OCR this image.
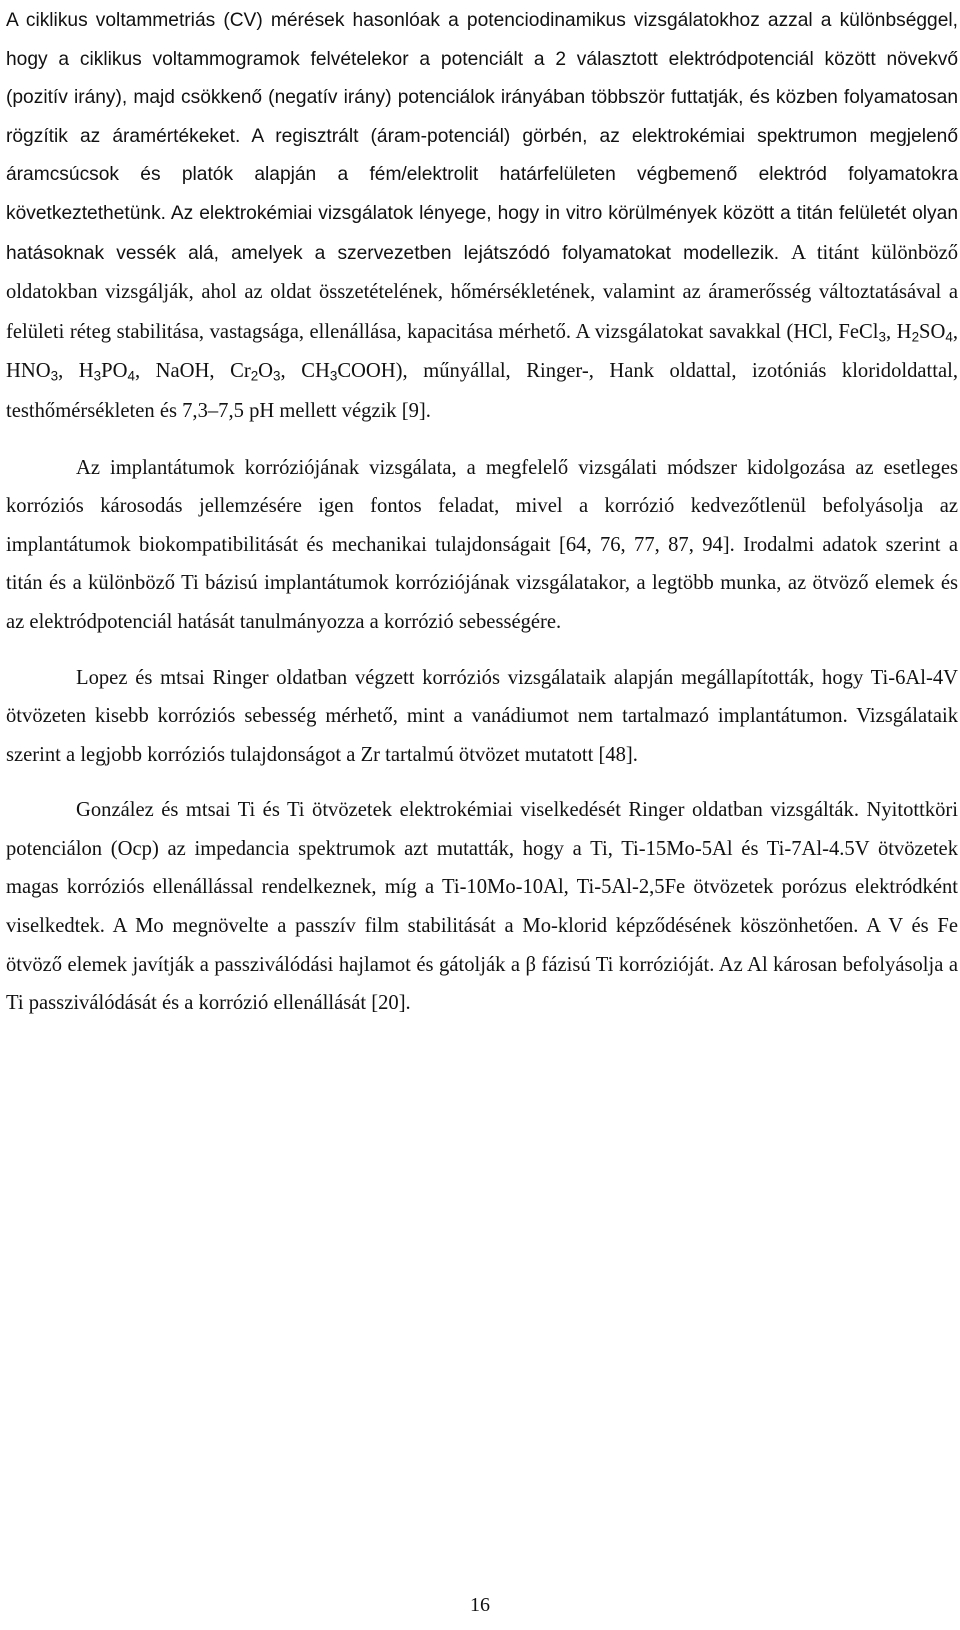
A ciklikus voltammetriás (CV) mérések hasonlóak a potenciodinamikus vizsgálatokhoz azzal a különbséggel, hogy a ciklikus voltammogramok felvételekor a potenciált a 2 választott elektródpotenciál között növekvő (pozitív irány), majd csökkenő (negatív irány) potenciálok irányában többször futtatják, és közben folyamatosan rögzítik az áramértékeket. A regisztrált (áram-potenciál) görbén, az elektrokémiai spektrumon megjelenő áramcsúcsok és platók alapján a fém/elektrolit határfelületen végbemenő elektród folyamatokra következtethetünk. Az elektrokémiai vizsgálatok lényege, hogy in vitro körülmények között a titán felületét olyan hatásoknak vessék alá, amelyek a szervezetben lejátszódó folyamatokat modellezik. A titánt különböző oldatokban vizsgálják, ahol az oldat összetételének, hőmérsékletének, valamint az áramerősség változtatásával a felületi réteg stabilitása, vastagsága, ellenállása, kapacitása mérhető. A vizsgálatokat savakkal (HCl, FeCl$_3$, $H_2SO_4$, $HNO_3$, $H_3PO_4$, NaOH, $Cr_2O_3$, $CH_3COOH$), műnyállal, Ringer-, Hank oldattal, izotóniás kloridoldattal, testhőmérsékleten és 7,3–7,5 pH mellett végzik [9].

Az implantátumok korróziójának vizsgálata, a megfelelő vizsgálati módszer kidolgozása az esetleges korróziós károsodás jellemzésére igen fontos feladat, mivel a korrózió kedvezőtlenül befolyásolja az implantátumok biokompatibilitását és mechanikai tulajdonságait [64, 76, 77, 87, 94]. Irodalmi adatok szerint a titán és a különböző Ti bázisú implantátumok korróziójának vizsgálatakor, a legtöbb munka, az ötvöző elemek és az elektródpotenciál hatását tanulmányozza a korrózió sebességére.

Lopez és mtsai Ringer oldatban végzett korróziós vizsgálataik alapján megállapították, hogy Ti-6Al-4V ötvözeten kisebb korróziós sebesség mérhető, mint a vanádiumot nem tartalmazó implantátumon. Vizsgálataik szerint a legjobb korróziós tulajdonságot a Zr tartalmú ötvözet mutatott [48].

González és mtsai Ti és Ti ötvözetek elektrokémiai viselkedését Ringer oldatban vizsgálták. Nyitottköri potenciálon (Ocp) az impedancia spektrumok azt mutatták, hogy a Ti, Ti-15Mo-5Al és Ti-7Al-4.5V ötvözetek magas korróziós ellenállással rendelkeznek, míg a Ti-10Mo-10Al, Ti-5Al-2,5Fe ötvözetek porózus elektródként viselkedtek. A Mo megnövelte a passzív film stabilitását a Mo-klorid képződésének köszönhetően. A V és Fe ötvöző elemek javítják a passziválódási hajlamot és gátolják a β fázisú Ti korrózióját. Az Al károsan befolyásolja a Ti passziválódását és a korrózió ellenállását [20].

16
